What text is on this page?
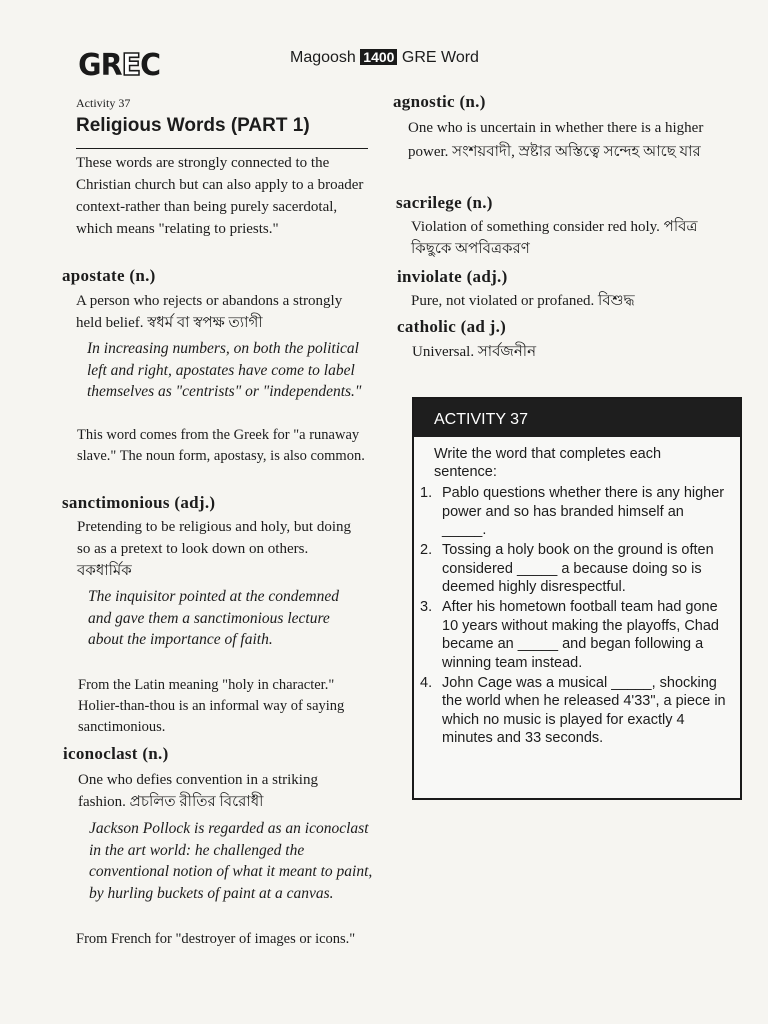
GREC	Magoosh 1400 GRE Word
Activity 37
Religious Words (PART 1)

These words are strongly connected to the Christian church but can also apply to a broader context-rather than being purely sacerdotal, which means "relating to priests."

apostate (n.)

A person who rejects or abandons a strongly held belief. স্বধর্ম বা স্বপক্ষ ত্যাগী

In increasing numbers, on both the political left and right, apostates have come to label themselves as "centrists" or "independents."

This word comes from the Greek for "a runaway slave." The noun form, apostasy, is also common.

sanctimonious (adj.)

Pretending to be religious and holy, but doing so as a pretext to look down on others. বকধার্মিক

The inquisitor pointed at the condemned and gave them a sanctimonious lecture about the importance of faith.

From the Latin meaning "holy in character." Holier-than-thou is an informal way of saying sanctimonious.

iconoclast (n.)

One who defies convention in a striking fashion. প্রচলিত রীতির বিরোধী

Jackson Pollock is regarded as an iconoclast in the art world: he challenged the conventional notion of what it meant to paint, by hurling buckets of paint at a canvas.

From French for "destroyer of images or icons."

agnostic (n.)

One who is uncertain in whether there is a higher power. সংশয়বাদী, স্রষ্টার অস্তিত্বে সন্দেহ আছে যার

sacrilege (n.)

Violation of something consider red holy. পবিত্র কিছুকে অপবিত্রকরণ

inviolate (adj.)

Pure, not violated or profaned. বিশুদ্ধ

catholic (ad j.)

Universal. সার্বজনীন

ACTIVITY 37
Write the word that completes each sentence:
1. Pablo questions whether there is any higher power and so has branded himself an _____.
2. Tossing a holy book on the ground is often considered _____ a because doing so is deemed highly disrespectful.
3. After his hometown football team had gone 10 years without making the playoffs, Chad became an _____ and began following a winning team instead.
4. John Cage was a musical _____, shocking the world when he released 4'33", a piece in which no music is played for exactly 4 minutes and 33 seconds.
